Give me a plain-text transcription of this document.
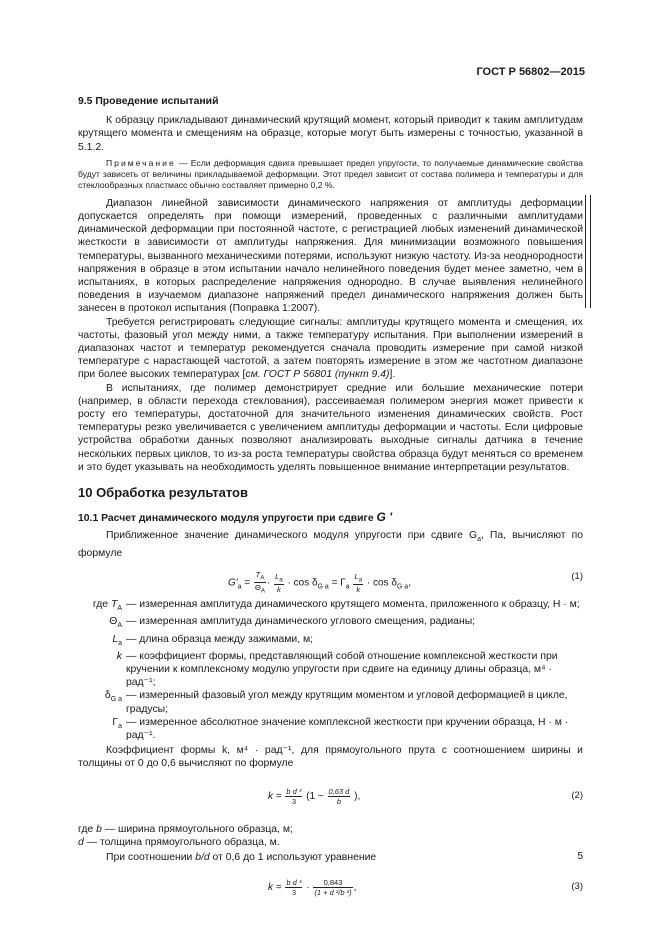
ГОСТ Р 56802—2015

9.5 Проведение испытаний

К образцу прикладывают динамический крутящий момент, который приводит к таким амплитудам крутящего момента и смещениям на образце, которые могут быть измерены с точностью, указанной в 5.1.2.

Примечание — Если деформация сдвига превышает предел упругости, то получаемые динамические свойства будут зависеть от величины прикладываемой деформации. Этот предел зависит от состава полимера и температуры и для стеклообразных пластмасс обычно составляет примерно 0,2 %.

Диапазон линейной зависимости динамического напряжения от амплитуды деформации допускается определять при помощи измерений, проведенных с различными амплитудами динамической деформации при постоянной частоте, с регистрацией любых изменений динамической жесткости в зависимости от амплитуды напряжения. Для минимизации возможного повышения температуры, вызванного механическими потерями, используют низкую частоту. Из-за неоднородности напряжения в образце в этом испытании начало нелинейного поведения будет менее заметно, чем в испытаниях, в которых распределение напряжения однородно. В случае выявления нелинейного поведения в изучаемом диапазоне напряжений предел динамического напряжения должен быть занесен в протокол испытания (Поправка 1:2007).

Требуется регистрировать следующие сигналы: амплитуды крутящего момента и смещения, их частоты, фазовый угол между ними, а также температуру испытания. При выполнении измерений в диапазонах частот и температур рекомендуется сначала проводить измерение при самой низкой температуре с нарастающей частотой, а затем повторять измерение в этом же частотном диапазоне при более высоких температурах [см. ГОСТ Р 56801 (пункт 9.4)].

В испытаниях, где полимер демонстрирует средние или большие механические потери (например, в области перехода стеклования), рассеиваемая полимером энергия может привести к росту его температуры, достаточной для значительного изменения динамических свойств. Рост температуры резко увеличивается с увеличением амплитуды деформации и частоты. Если цифровые устройства обработки данных позволяют анализировать выходные сигналы датчика в течение нескольких первых циклов, то из-за роста температуры свойства образца будут меняться со временем и это будет указывать на необходимость уделять повышенное внимание интерпретации результатов.

10 Обработка результатов

10.1 Расчет динамического модуля упругости при сдвиге G '

Приближенное значение динамического модуля упругости при сдвиге $G_a$, Па, вычисляют по формуле

$G'_a = \frac{T_A}{\Theta_A} \cdot \frac{L_a}{k} \cdot \cos \delta_{G a} = \Gamma_a \frac{L_a}{k} \cdot \cos \delta_{G a}$,
(1)
где $T_A$ — измеренная амплитуда динамического крутящего момента, приложенного к образцу, Н · м;
$\Theta_A$ — измеренная амплитуда динамического углового смещения, радианы;
$L_a$ — длина образца между зажимами, м;
k — коэффициент формы, представляющий собой отношение комплексной жесткости при кручении к комплексному модулю упругости при сдвиге на единицу длины образца, м⁴ · рад⁻¹;
$\delta_{G a}$ — измеренный фазовый угол между крутящим моментом и угловой деформацией в цикле, градусы;
$\Gamma_a$ — измеренное абсолютное значение комплексной жесткости при кручении образца, Н · м · рад⁻¹.

Коэффициент формы k, м⁴ · рад⁻¹, для прямоугольного прута с соотношением ширины и толщины от 0 до 0,6 вычисляют по формуле

$k = \frac{\text{b d ³}}{3} (1 - \frac{0,63 d}{b}$ ),	(2)
где b — ширина прямоугольного образца, м;
d — толщина прямоугольного образца, м.

При соотношении b/d от 0,6 до 1 используют уравнение

$k = \frac{\text{b d ³}}{3} \cdot \frac{0,843}{\text{(1 + d ²/b ²)}}$ ,	(3)
5
